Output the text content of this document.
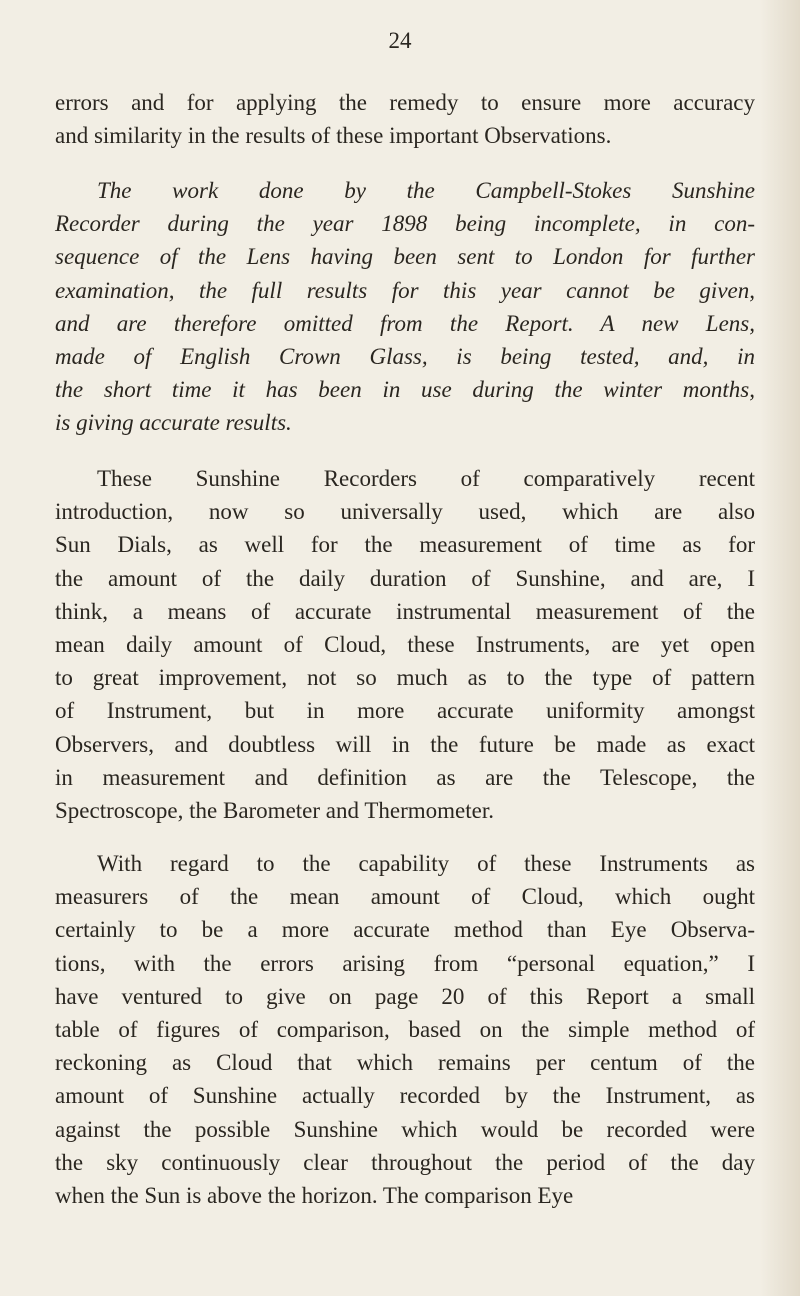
24
errors and for applying the remedy to ensure more accuracy
and similarity in the results of these important Observations.
The work done by the Campbell-Stokes Sunshine
Recorder during the year 1898 being incomplete, in con-
sequence of the Lens having been sent to London for further
examination, the full results for this year cannot be given,
and are therefore omitted from the Report. A new Lens,
made of English Crown Glass, is being tested, and, in
the short time it has been in use during the winter months,
is giving accurate results.
These Sunshine Recorders of comparatively recent
introduction, now so universally used, which are also
Sun Dials, as well for the measurement of time as for
the amount of the daily duration of Sunshine, and are, I
think, a means of accurate instrumental measurement of the
mean daily amount of Cloud, these Instruments, are yet open
to great improvement, not so much as to the type of pattern
of Instrument, but in more accurate uniformity amongst
Observers, and doubtless will in the future be made as exact
in measurement and definition as are the Telescope, the
Spectroscope, the Barometer and Thermometer.
With regard to the capability of these Instruments as
measurers of the mean amount of Cloud, which ought
certainly to be a more accurate method than Eye Observa-
tions, with the errors arising from “personal equation,” I
have ventured to give on page 20 of this Report a small
table of figures of comparison, based on the simple method of
reckoning as Cloud that which remains per centum of the
amount of Sunshine actually recorded by the Instrument, as
against the possible Sunshine which would be recorded were
the sky continuously clear throughout the period of the day
when the Sun is above the horizon. The comparison Eye
